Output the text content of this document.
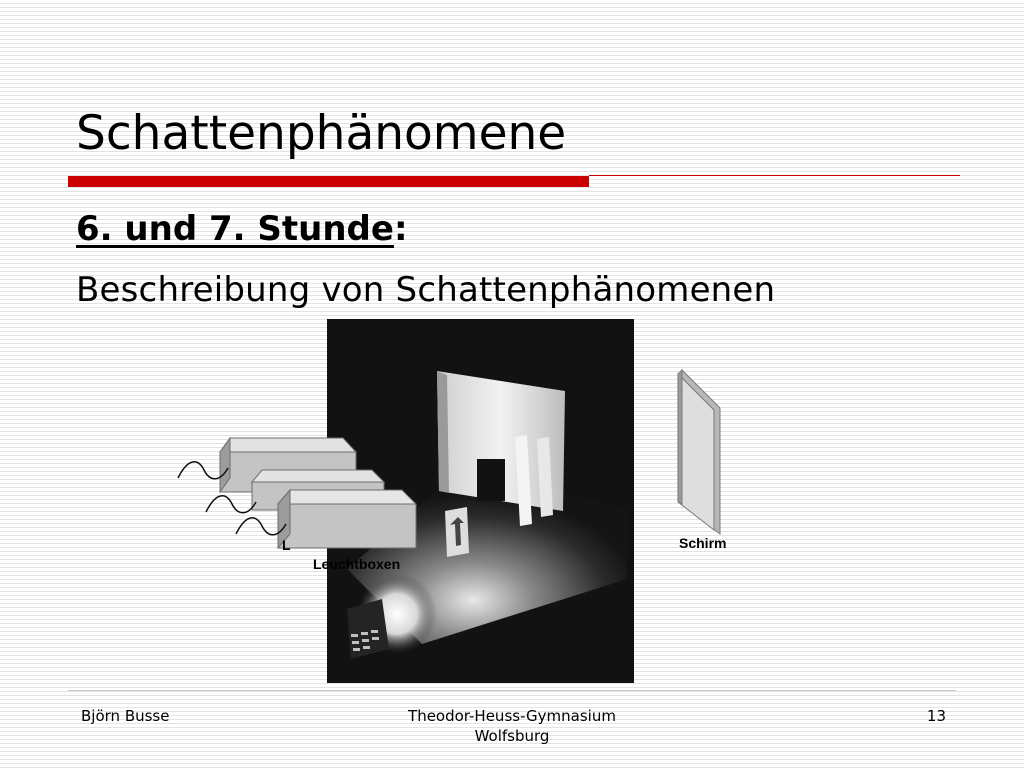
Schattenphänomene
6. und 7. Stunde:
Beschreibung von Schattenphänomenen
L
Leuchtboxen
Schirm
Björn Busse	Theodor-Heuss-Gymnasium
Wolfsburg
13
